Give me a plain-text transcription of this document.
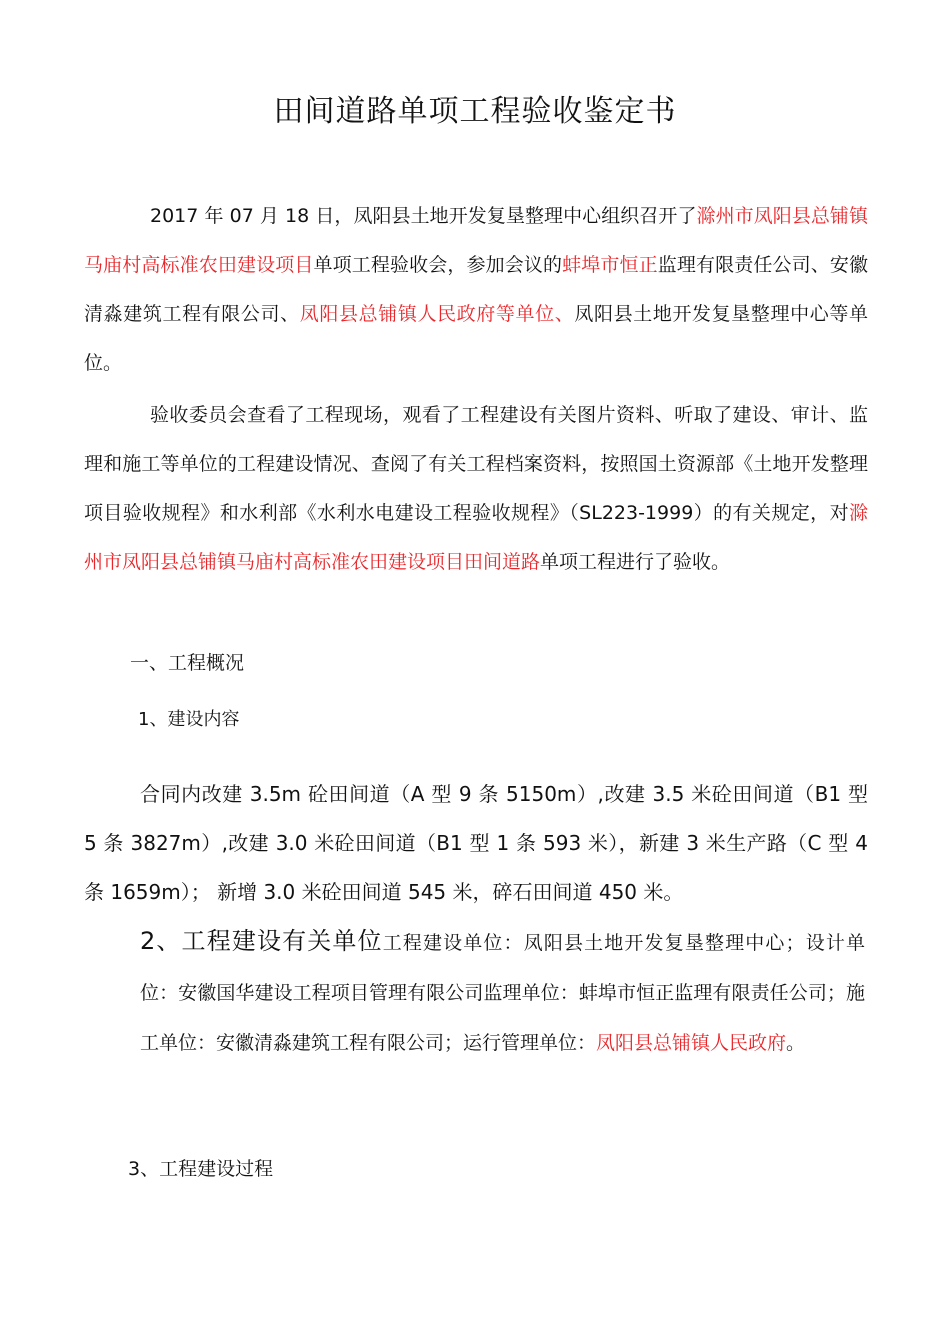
田间道路单项工程验收鉴定书
2017 年 07 月 18 日，凤阳县土地开发复垦整理中心组织召开了滁州市凤阳县总铺镇马庙村高标准农田建设项目单项工程验收会，参加会议的蚌埠市恒正监理有限责任公司、安徽清淼建筑工程有限公司、凤阳县总铺镇人民政府等单位、凤阳县土地开发复垦整理中心等单位。
验收委员会查看了工程现场，观看了工程建设有关图片资料、听取了建设、审计、监理和施工等单位的工程建设情况、查阅了有关工程档案资料，按照国土资源部《土地开发整理项目验收规程》和水利部《水利水电建设工程验收规程》（SL223-1999）的有关规定，对滁州市凤阳县总铺镇马庙村高标准农田建设项目田间道路单项工程进行了验收。
一、工程概况
1、建设内容
合同内改建 3.5m 砼田间道（A 型 9 条 5150m）,改建 3.5 米砼田间道（B1 型 5 条 3827m）,改建 3.0 米砼田间道（B1 型 1 条 593 米），新建 3 米生产路（C 型 4 条 1659m）； 新增 3.0 米砼田间道 545 米，碎石田间道 450 米。
2、工程建设有关单位工程建设单位：凤阳县土地开发复垦整理中心；设计单位：安徽国华建设工程项目管理有限公司监理单位：蚌埠市恒正监理有限责任公司；施工单位：安徽清淼建筑工程有限公司；运行管理单位：凤阳县总铺镇人民政府。
3、工程建设过程
